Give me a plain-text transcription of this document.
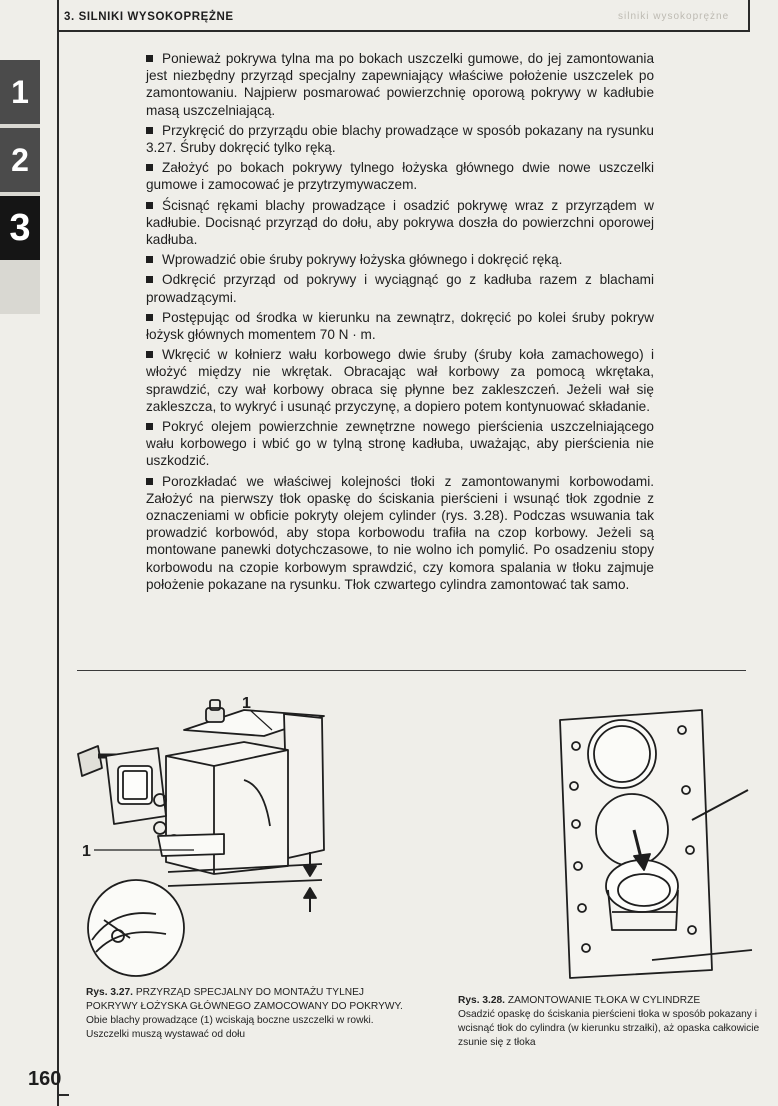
3. SILNIKI WYSOKOPRĘŻNE	silniki wysokoprężne
1
2
3

Ponieważ pokrywa tylna ma po bokach uszczelki gumowe, do jej zamontowania jest niezbędny przyrząd specjalny zapewniający właściwe położenie uszczelek po zamontowaniu. Najpierw posmarować powierzchnię oporową pokrywy w kadłubie masą uszczelniającą.

Przykręcić do przyrządu obie blachy prowadzące w sposób pokazany na rysunku 3.27. Śruby dokręcić tylko ręką.

Założyć po bokach pokrywy tylnego łożyska głównego dwie nowe uszczelki gumowe i zamocować je przytrzymywaczem.

Ścisnąć rękami blachy prowadzące i osadzić pokrywę wraz z przyrządem w kadłubie. Docisnąć przyrząd do dołu, aby pokrywa doszła do powierzchni oporowej kadłuba.

Wprowadzić obie śruby pokrywy łożyska głównego i dokręcić ręką.

Odkręcić przyrząd od pokrywy i wyciągnąć go z kadłuba razem z blachami prowadzącymi.

Postępując od środka w kierunku na zewnątrz, dokręcić po kolei śruby pokryw łożysk głównych momentem 70 N · m.

Wkręcić w kołnierz wału korbowego dwie śruby (śruby koła zamachowego) i włożyć między nie wkrętak. Obracając wał korbowy za pomocą wkrętaka, sprawdzić, czy wał korbowy obraca się płynne bez zakleszczeń. Jeżeli wał się zakleszcza, to wykryć i usunąć przyczynę, a dopiero potem kontynuować składanie.

Pokryć olejem powierzchnie zewnętrzne nowego pierścienia uszczelniającego wału korbowego i wbić go w tylną stronę kadłuba, uważając, aby pierścienia nie uszkodzić.

Porozkładać we właściwej kolejności tłoki z zamontowanymi korbowodami. Założyć na pierwszy tłok opaskę do ściskania pierścieni i wsunąć tłok zgodnie z oznaczeniami w obficie pokryty olejem cylinder (rys. 3.28). Podczas wsuwania tak prowadzić korbowód, aby stopa korbowodu trafiła na czop korbowy. Jeżeli są montowane panewki dotychczasowe, to nie wolno ich pomylić. Po osadzeniu stopy korbowodu na czopie korbowym sprawdzić, czy komora spalania w tłoku zajmuje położenie pokazane na rysunku. Tłok czwartego cylindra zamontować tak samo.

1
1
Rys. 3.27. PRZYRZĄD SPECJALNY DO MONTAŻU TYLNEJ POKRYWY ŁOŻYSKA GŁÓWNEGO ZAMOCOWANY DO POKRYWY. Obie blachy prowadzące (1) wciskają boczne uszczelki w rowki. Uszczelki muszą wystawać od dołu
Rys. 3.28. ZAMONTOWANIE TŁOKA W CYLINDRZE
Osadzić opaskę do ściskania pierścieni tłoka w sposób pokazany i wcisnąć tłok do cylindra (w kierunku strzałki), aż opaska całkowicie zsunie się z tłoka
160
